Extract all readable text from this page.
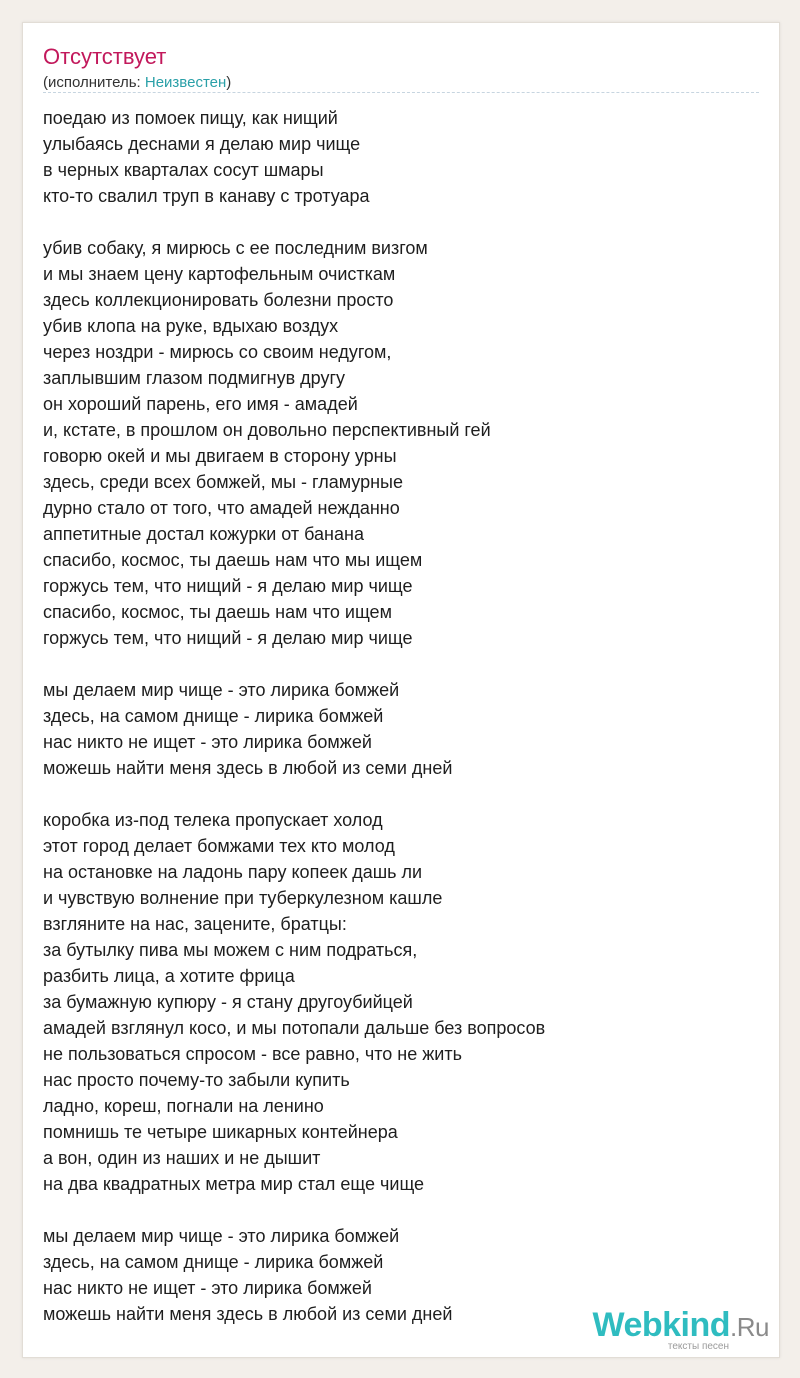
Отсутствует
(исполнитель: Неизвестен)
поедаю из помоек пищу, как нищий
улыбаясь деснами я делаю мир чище
в черных кварталах сосут шмары
кто-то свалил труп в канаву с тротуара
убив собаку, я мирюсь с ее последним визгом
и мы знаем цену картофельным очисткам
здесь коллекционировать болезни просто
убив клопа на руке, вдыхаю воздух
через ноздри - мирюсь со своим недугом,
заплывшим глазом подмигнув другу
он хороший парень, его имя - амадей
и, кстате, в прошлом он довольно перспективный гей
говорю окей и мы двигаем в сторону урны
здесь, среди всех бомжей, мы - гламурные
дурно стало от того, что амадей нежданно
аппетитные достал кожурки от банана
спасибо, космос, ты даешь нам что мы ищем
горжусь тем, что нищий - я делаю мир чище
спасибо, космос, ты даешь нам что ищем
горжусь тем, что нищий - я делаю мир чище
мы делаем мир чище - это лирика бомжей
здесь, на самом днище - лирика бомжей
нас никто не ищет - это лирика бомжей
можешь найти меня здесь в любой из семи дней
коробка из-под телека пропускает холод
этот город делает бомжами тех кто молод
на остановке на ладонь пару копеек дашь ли
и чувствую волнение при туберкулезном кашле
взгляните на нас, зацените, братцы:
за бутылку пива мы можем с ним подраться,
разбить лица, а хотите фрица
за бумажную купюру - я стану другоубийцей
амадей взглянул косо, и мы потопали дальше без вопросов
не пользоваться спросом - все равно, что не жить
нас просто почему-то забыли купить
ладно, кореш, погнали на ленино
помнишь те четыре шикарных контейнера
а вон, один из наших и не дышит
на два квадратных метра мир стал еще чище
мы делаем мир чище - это лирика бомжей
здесь, на самом днище - лирика бомжей
нас никто не ищет - это лирика бомжей
можешь найти меня здесь в любой из семи дней	Webkind.Ru
тексты песен
